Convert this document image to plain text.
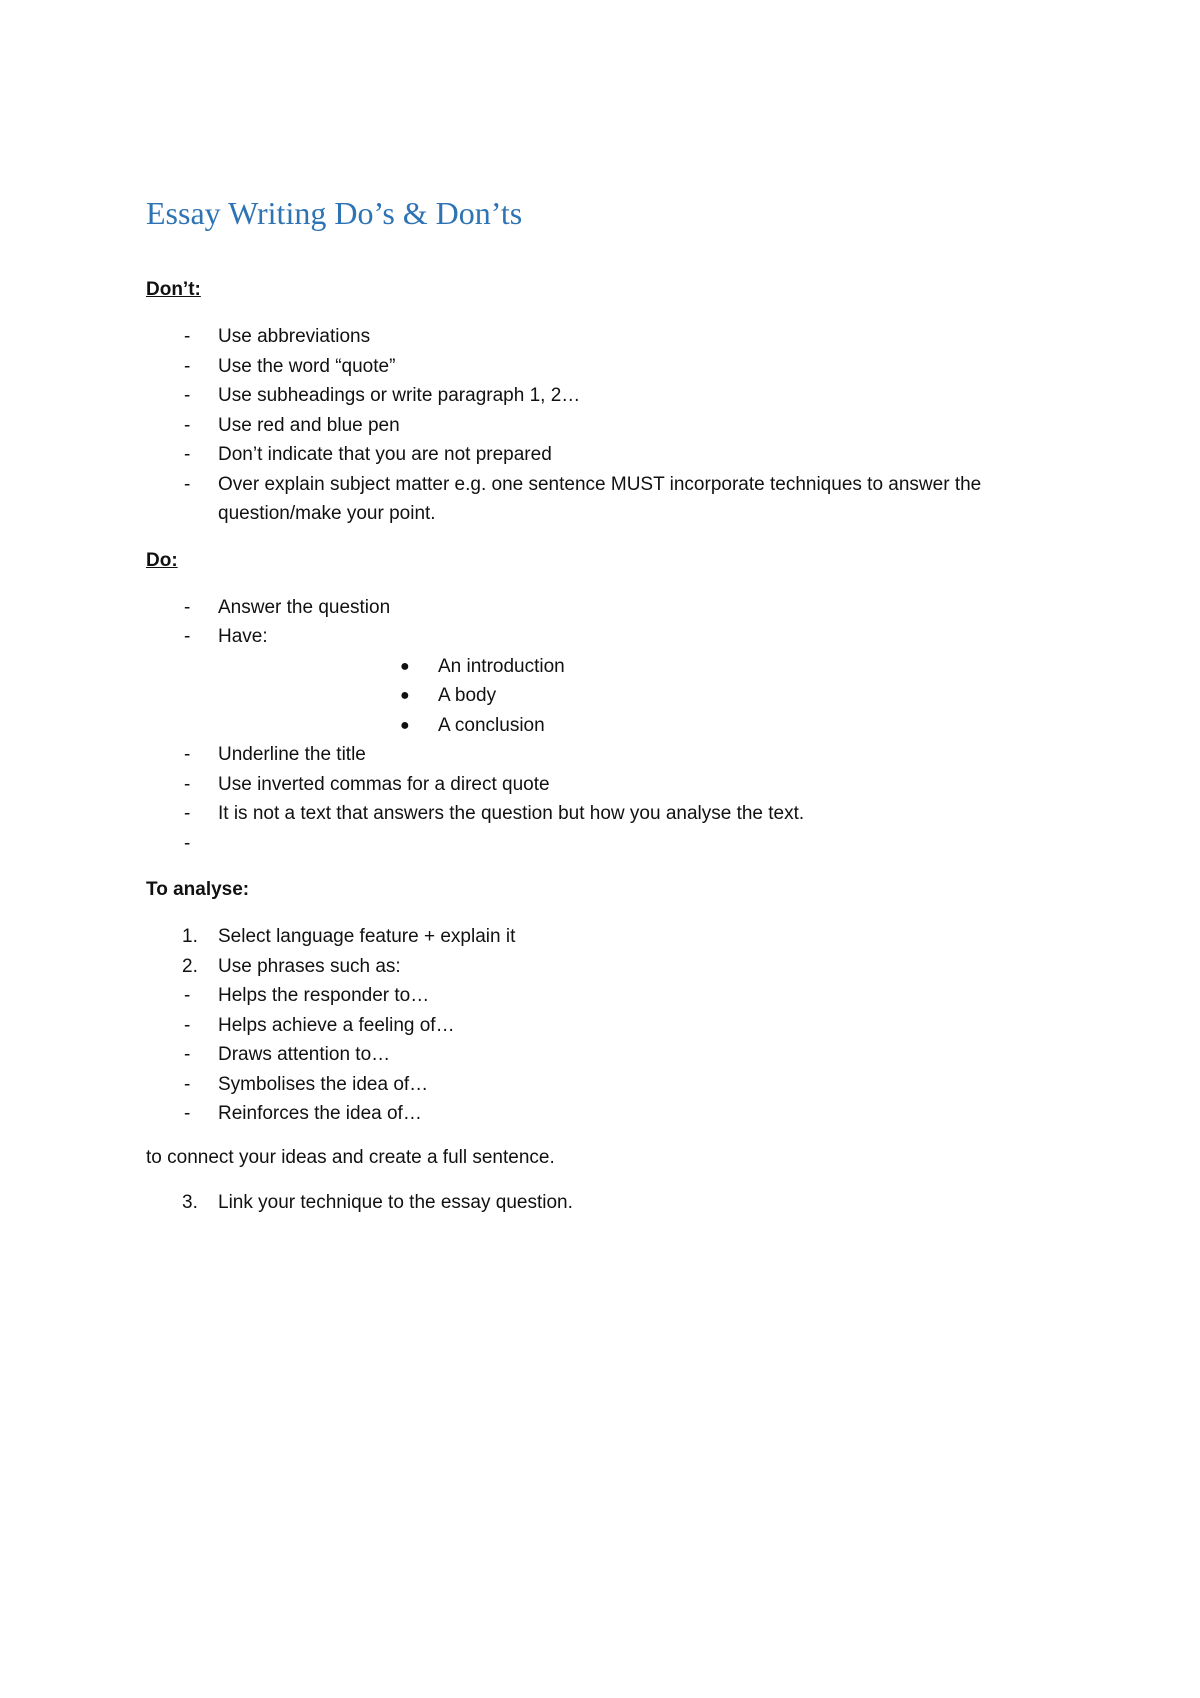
Essay Writing Do’s & Don’ts
Don’t:
-	Use abbreviations
-	Use the word “quote”
-	Use subheadings or write paragraph 1, 2…
-	Use red and blue pen
-	Don’t indicate that you are not prepared
-	Over explain subject matter e.g. one sentence MUST incorporate techniques to answer the
question/make your point.
Do:
-	Answer the question
-	Have:
●	An introduction
●	A body
●	A conclusion
-	Underline the title
-	Use inverted commas for a direct quote
-	It is not a text that answers the question but how you analyse the text.
-
To analyse:
1.	Select language feature + explain it
2.	Use phrases such as:
-	Helps the responder to…
-	Helps achieve a feeling of…
-	Draws attention to…
-	Symbolises the idea of…
-	Reinforces the idea of…

to connect your ideas and create a full sentence.

3.	Link your technique to the essay question.
